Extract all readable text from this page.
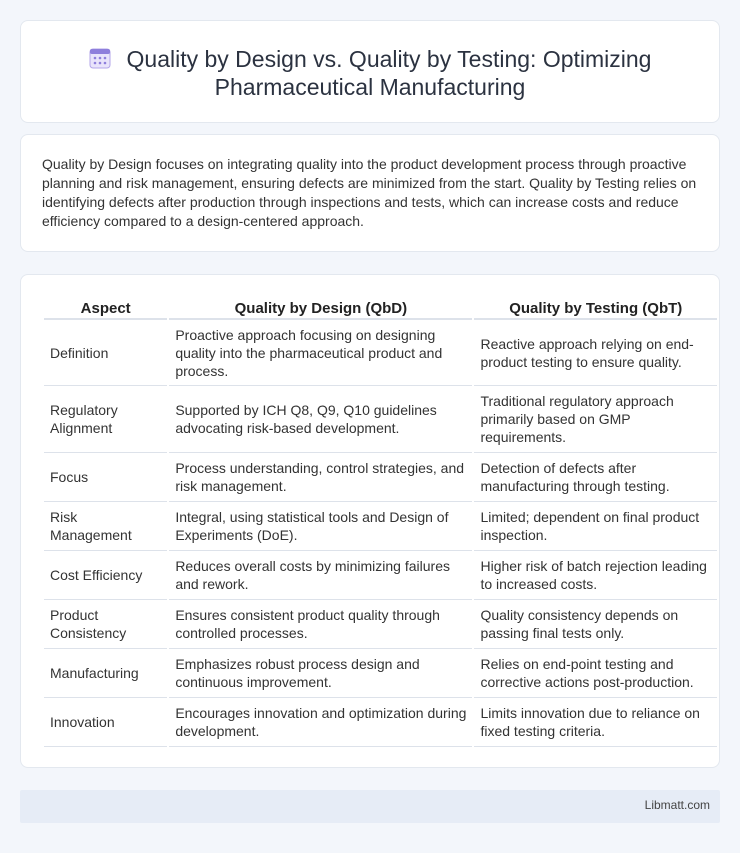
Quality by Design vs. Quality by Testing: Optimizing Pharmaceutical Manufacturing

Quality by Design focuses on integrating quality into the product development process through proactive planning and risk management, ensuring defects are minimized from the start. Quality by Testing relies on identifying defects after production through inspections and tests, which can increase costs and reduce efficiency compared to a design-centered approach.

Aspect	Quality by Design (QbD)	Quality by Testing (QbT)
Definition	Proactive approach focusing on designing quality into the pharmaceutical product and process.	Reactive approach relying on end-product testing to ensure quality.
Regulatory Alignment	Supported by ICH Q8, Q9, Q10 guidelines advocating risk-based development.	Traditional regulatory approach primarily based on GMP requirements.
Focus	Process understanding, control strategies, and risk management.	Detection of defects after manufacturing through testing.
Risk Management	Integral, using statistical tools and Design of Experiments (DoE).	Limited; dependent on final product inspection.
Cost Efficiency	Reduces overall costs by minimizing failures and rework.	Higher risk of batch rejection leading to increased costs.
Product Consistency	Ensures consistent product quality through controlled processes.	Quality consistency depends on passing final tests only.
Manufacturing	Emphasizes robust process design and continuous improvement.	Relies on end-point testing and corrective actions post-production.
Innovation	Encourages innovation and optimization during development.	Limits innovation due to reliance on fixed testing criteria.
Libmatt.com
